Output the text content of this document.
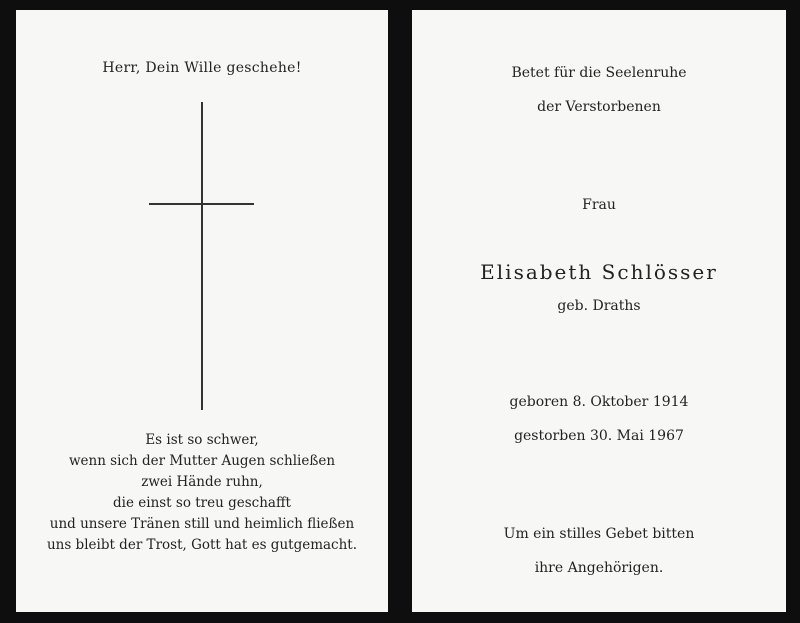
Herr, Dein Wille geschehe!
Es ist so schwer,
wenn sich der Mutter Augen schließen
zwei Hände ruhn,
die einst so treu geschafft
und unsere Tränen still und heimlich fließen
uns bleibt der Trost, Gott hat es gutgemacht.
Betet für die Seelenruhe
der Verstorbenen
Frau
Elisabeth Schlösser
geb. Draths
geboren 8. Oktober 1914
gestorben 30. Mai 1967
Um ein stilles Gebet bitten
ihre Angehörigen.
